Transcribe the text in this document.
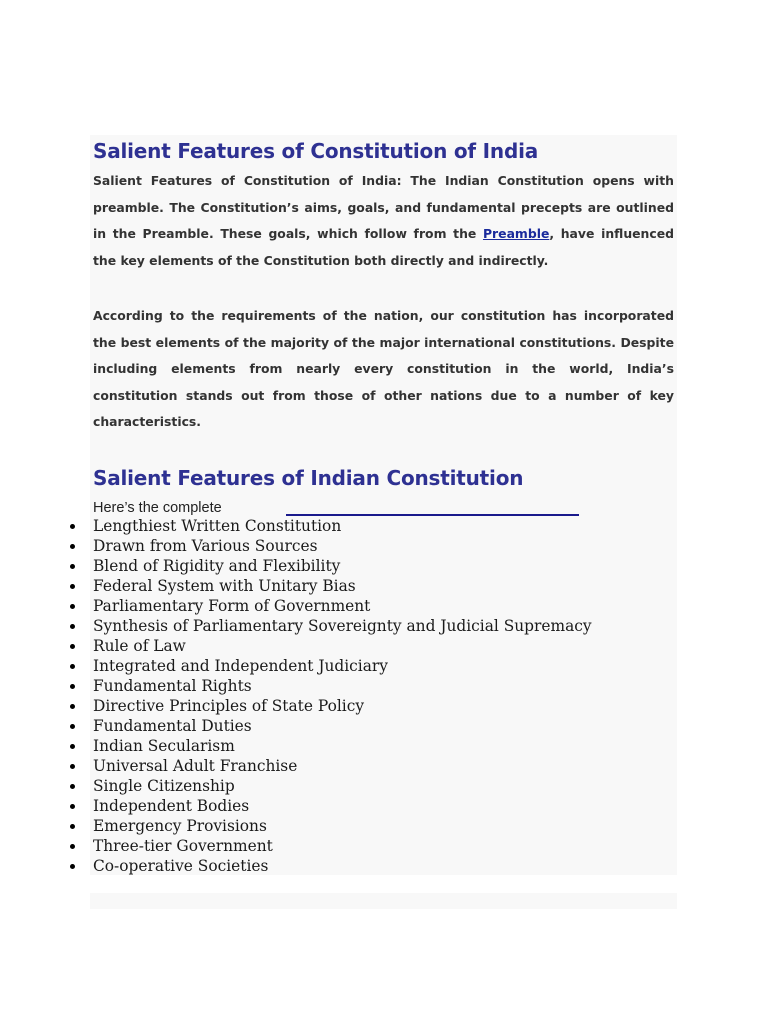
Salient Features of Constitution of India

Salient Features of Constitution of India: The Indian Constitution opens with preamble. The Constitution’s aims, goals, and fundamental precepts are outlined in the Preamble. These goals, which follow from the Preamble, have influenced the key elements of the Constitution both directly and indirectly.

According to the requirements of the nation, our constitution has incorporated the best elements of the majority of the major international constitutions. Despite including elements from nearly every constitution in the world, India’s constitution stands out from those of other nations due to a number of key characteristics.

Salient Features of Indian Constitution
Here’s the complete
Lengthiest Written Constitution
Drawn from Various Sources
Blend of Rigidity and Flexibility
Federal System with Unitary Bias
Parliamentary Form of Government
Synthesis of Parliamentary Sovereignty and Judicial Supremacy
Rule of Law
Integrated and Independent Judiciary
Fundamental Rights
Directive Principles of State Policy
Fundamental Duties
Indian Secularism
Universal Adult Franchise
Single Citizenship
Independent Bodies
Emergency Provisions
Three-tier Government
Co-operative Societies
